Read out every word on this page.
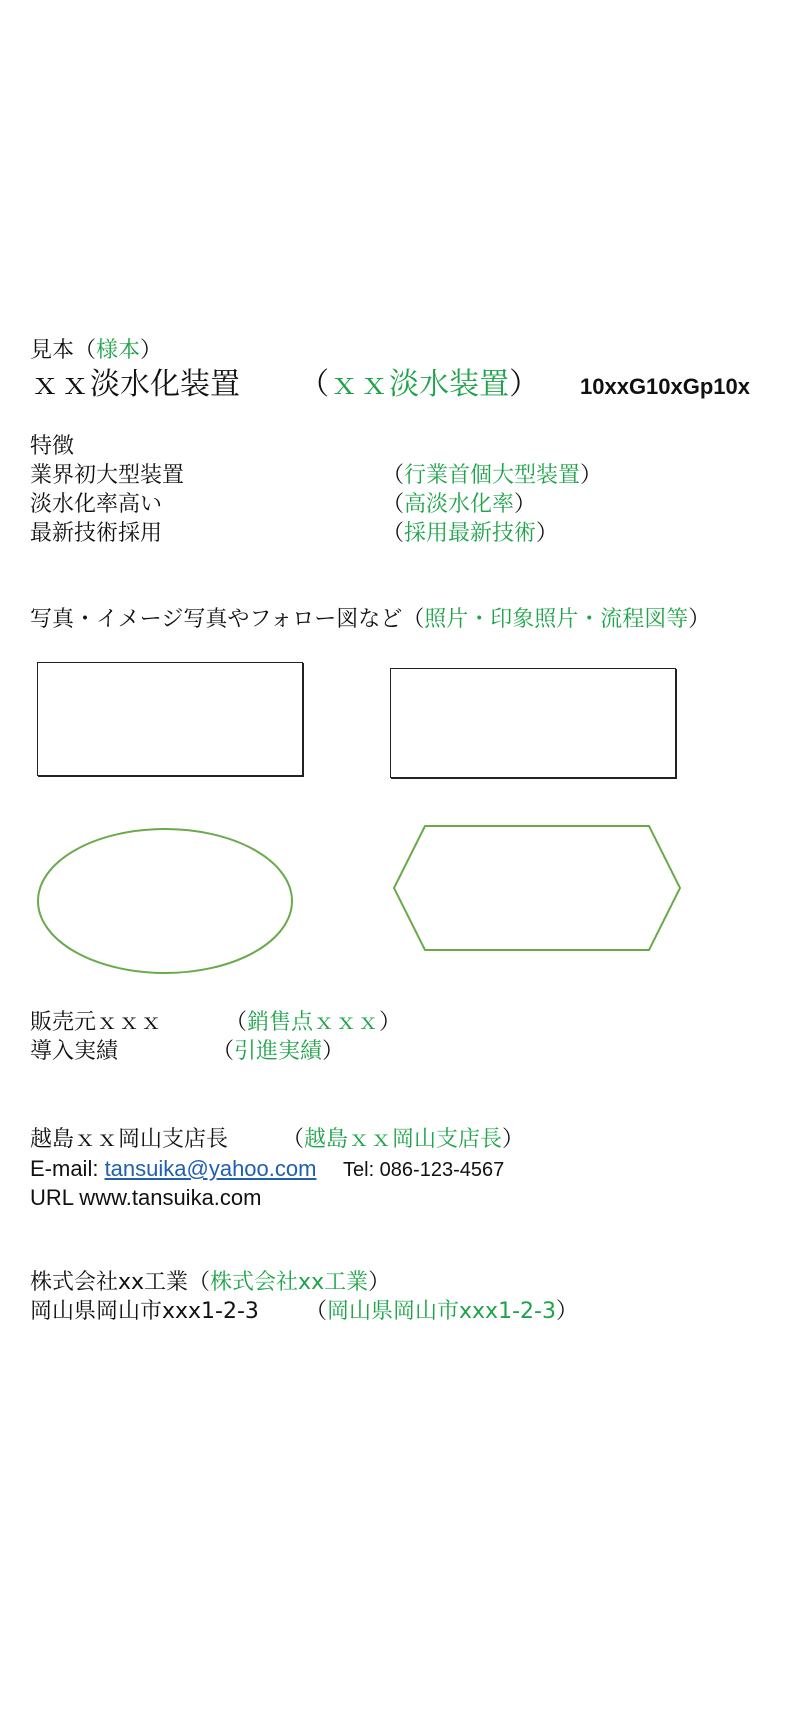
見本（様本）
ｘｘ淡水化装置 （ｘｘ淡水装置） 10xxG10xGp10x
特徴
業界初大型装置	（行業首個大型装置）
淡水化率高い	（高淡水化率）
最新技術採用	（採用最新技術）
写真・イメージ写真やフォロー図など（照片・印象照片・流程図等）
販売元ｘｘｘ	（銷售点ｘｘｘ）
導入実績	（引進実績）
越島ｘｘ岡山支店長 （越島ｘｘ岡山支店長）
E-mail: tansuika@yahoo.com Tel: 086-123-4567
URL www.tansuika.com
株式会社xx工業（株式会社xx工業）
岡山県岡山市xxx1-2-3 （岡山県岡山市xxx1-2-3）
